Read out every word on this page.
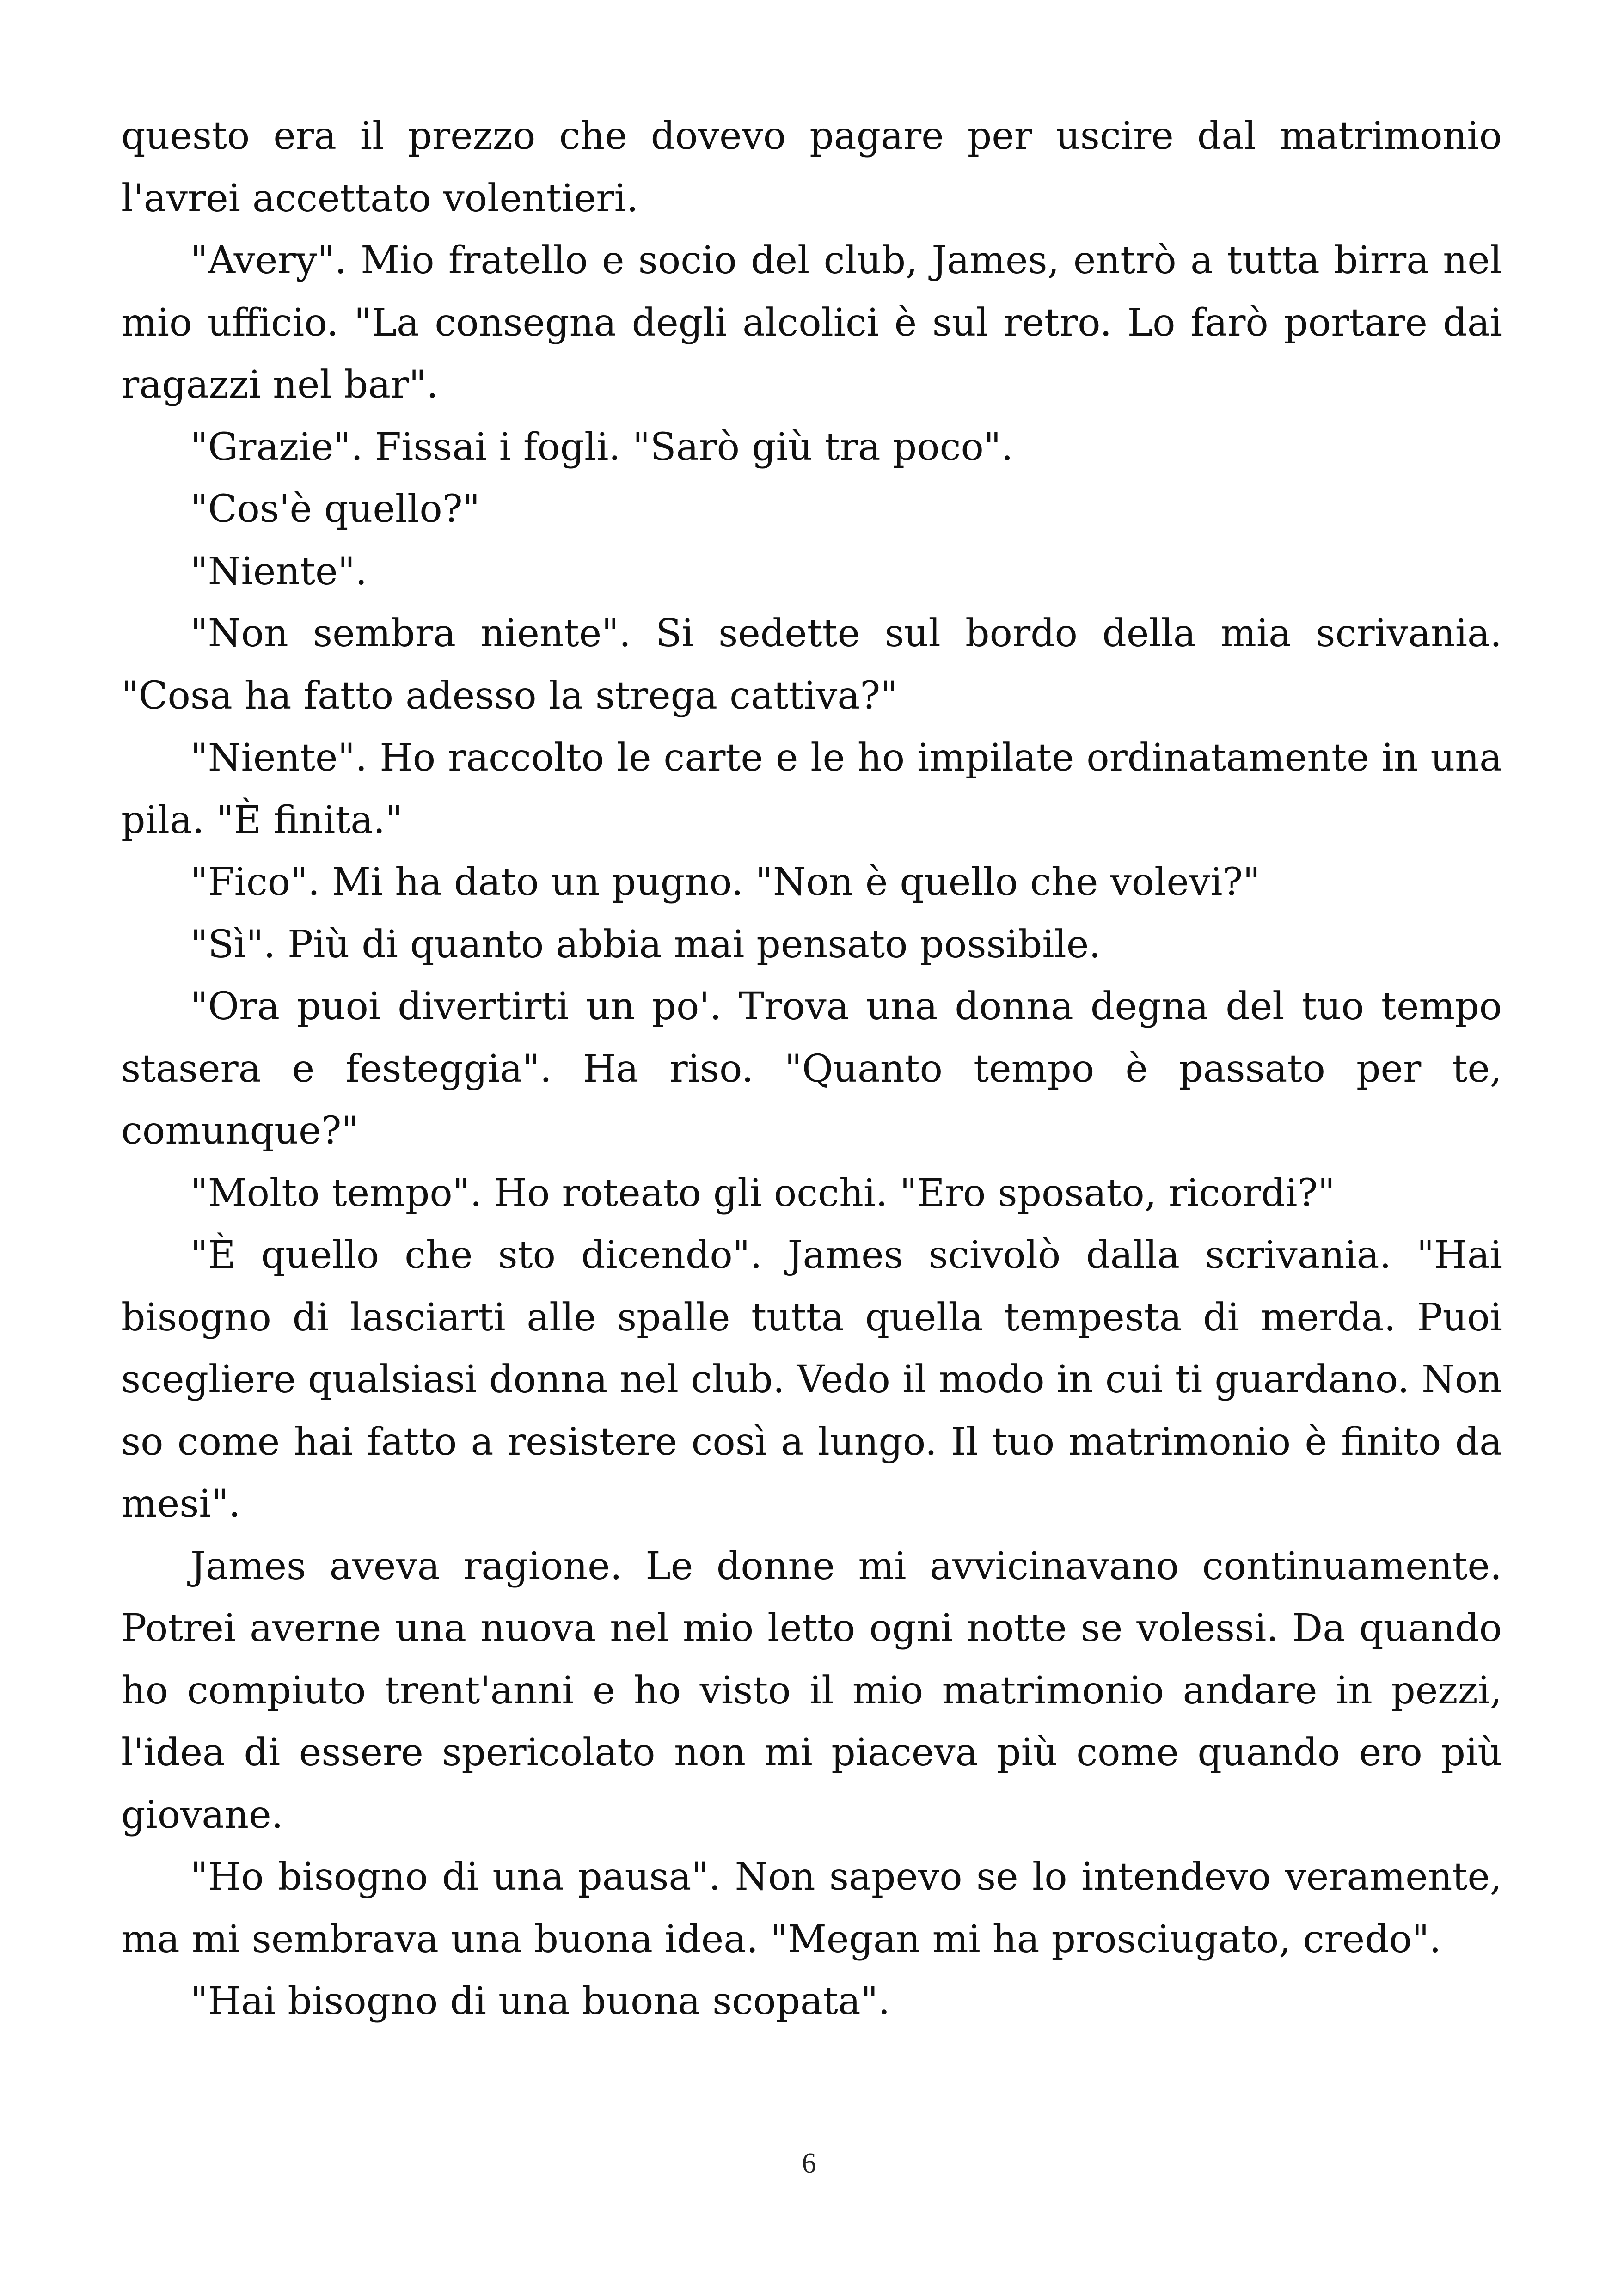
questo era il prezzo che dovevo pagare per uscire dal matrimonio l'avrei accettato volentieri.

"Avery". Mio fratello e socio del club, James, entrò a tutta birra nel mio ufficio. "La consegna degli alcolici è sul retro. Lo farò portare dai ragazzi nel bar".

"Grazie". Fissai i fogli. "Sarò giù tra poco".

"Cos'è quello?"

"Niente".

"Non sembra niente". Si sedette sul bordo della mia scrivania. "Cosa ha fatto adesso la strega cattiva?"

"Niente". Ho raccolto le carte e le ho impilate ordinatamente in una pila. "È finita."

"Fico". Mi ha dato un pugno. "Non è quello che volevi?"

"Sì". Più di quanto abbia mai pensato possibile.

"Ora puoi divertirti un po'. Trova una donna degna del tuo tempo stasera e festeggia". Ha riso. "Quanto tempo è passato per te, comunque?"

"Molto tempo". Ho roteato gli occhi. "Ero sposato, ricordi?"

"È quello che sto dicendo". James scivolò dalla scrivania. "Hai bisogno di lasciarti alle spalle tutta quella tempesta di merda. Puoi scegliere qualsiasi donna nel club. Vedo il modo in cui ti guardano. Non so come hai fatto a resistere così a lungo. Il tuo matrimonio è finito da mesi".

James aveva ragione. Le donne mi avvicinavano continuamente. Potrei averne una nuova nel mio letto ogni notte se volessi. Da quando ho compiuto trent'anni e ho visto il mio matrimonio andare in pezzi, l'idea di essere spericolato non mi piaceva più come quando ero più giovane.

"Ho bisogno di una pausa". Non sapevo se lo intendevo veramente, ma mi sembrava una buona idea. "Megan mi ha prosciugato, credo".

"Hai bisogno di una buona scopata".

6
